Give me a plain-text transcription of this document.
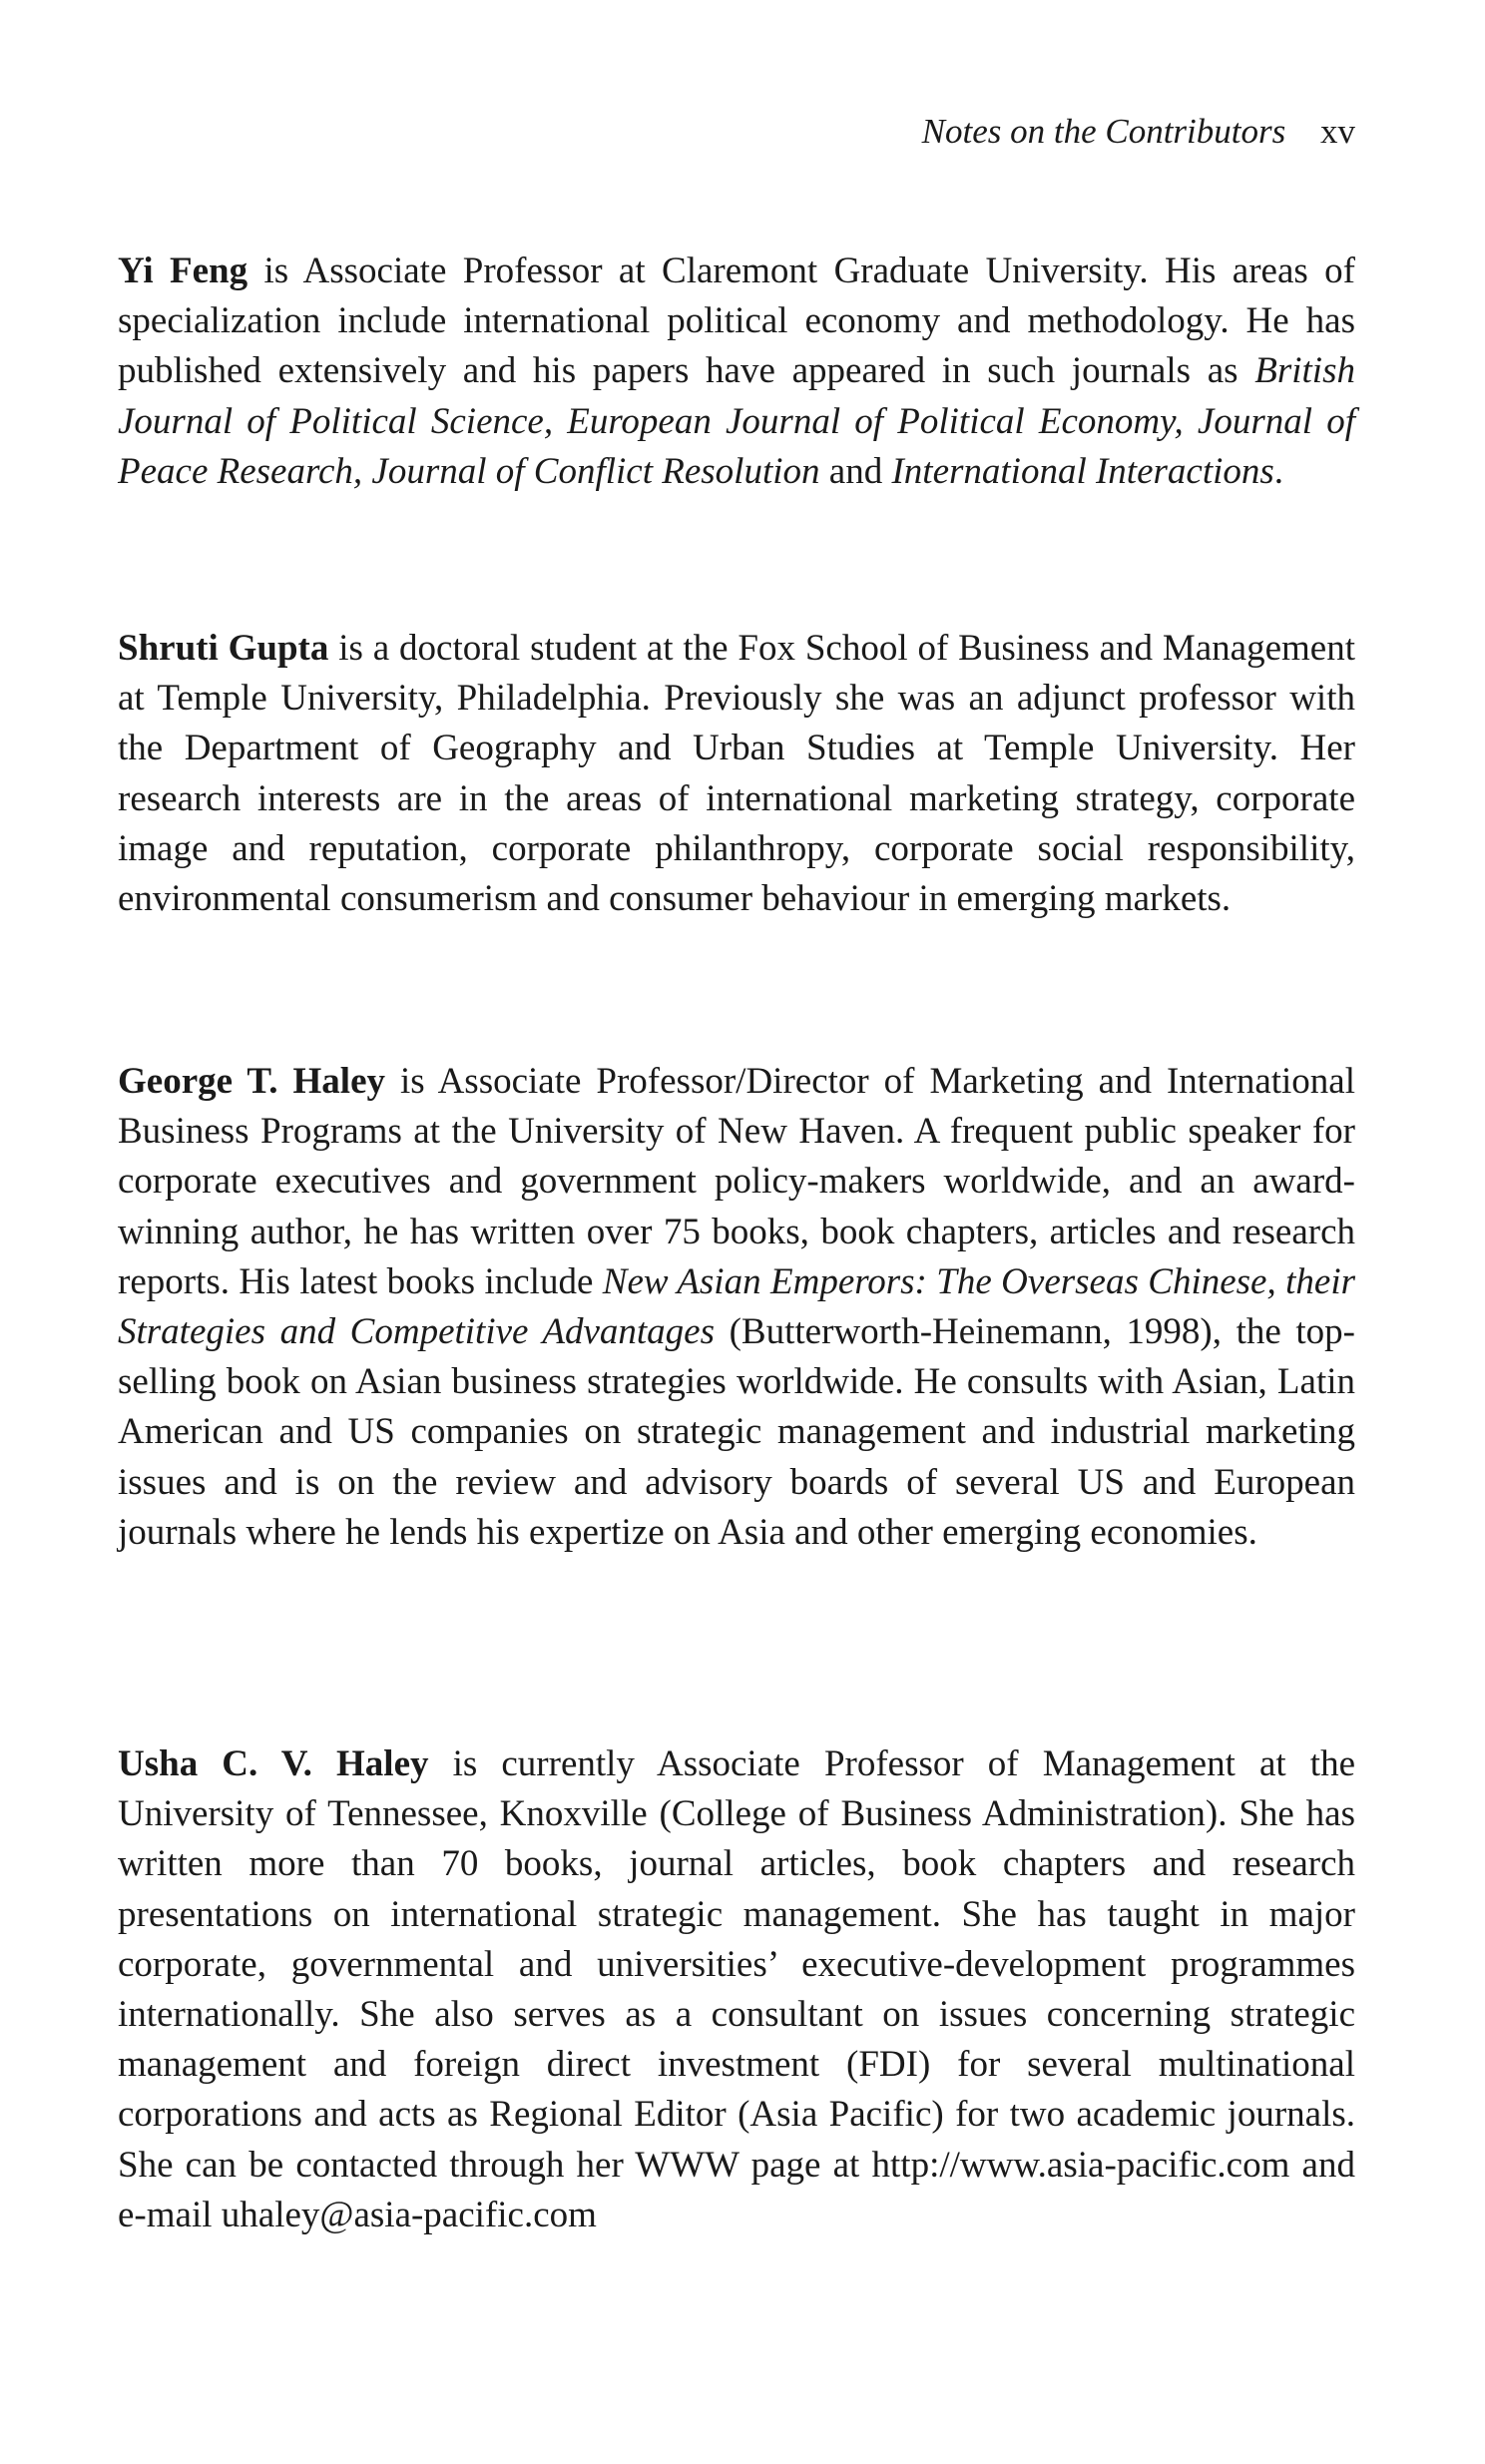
Notes on the Contributors xv

Yi Feng is Associate Professor at Claremont Graduate University. His areas of specialization include international political economy and methodology. He has published extensively and his papers have appeared in such journals as British Journal of Political Science, European Journal of Political Economy, Journal of Peace Research, Journal of Conflict Resolution and International Interactions.

Shruti Gupta is a doctoral student at the Fox School of Business and Management at Temple University, Philadelphia. Previously she was an adjunct professor with the Department of Geography and Urban Studies at Temple University. Her research interests are in the areas of international marketing strategy, corporate image and reputation, corporate philanthropy, corporate social responsibility, environmental consumerism and consumer behaviour in emerging markets.

George T. Haley is Associate Professor/Director of Marketing and International Business Programs at the University of New Haven. A frequent public speaker for corporate executives and government policy-makers worldwide, and an award-winning author, he has written over 75 books, book chapters, articles and research reports. His latest books include New Asian Emperors: The Overseas Chinese, their Strategies and Competitive Advantages (Butterworth-Heinemann, 1998), the top-selling book on Asian business strategies worldwide. He consults with Asian, Latin American and US companies on strategic management and industrial marketing issues and is on the review and advisory boards of several US and European journals where he lends his expertize on Asia and other emerging economies.

Usha C. V. Haley is currently Associate Professor of Management at the University of Tennessee, Knoxville (College of Business Administration). She has written more than 70 books, journal articles, book chapters and research presentations on international strategic management. She has taught in major corporate, governmental and universities’ executive-development programmes internationally. She also serves as a consultant on issues concerning strategic management and foreign direct investment (FDI) for several multinational corporations and acts as Regional Editor (Asia Pacific) for two academic journals. She can be contacted through her WWW page at http://www.asia-pacific.com and e-mail uhaley@asia-pacific.com
